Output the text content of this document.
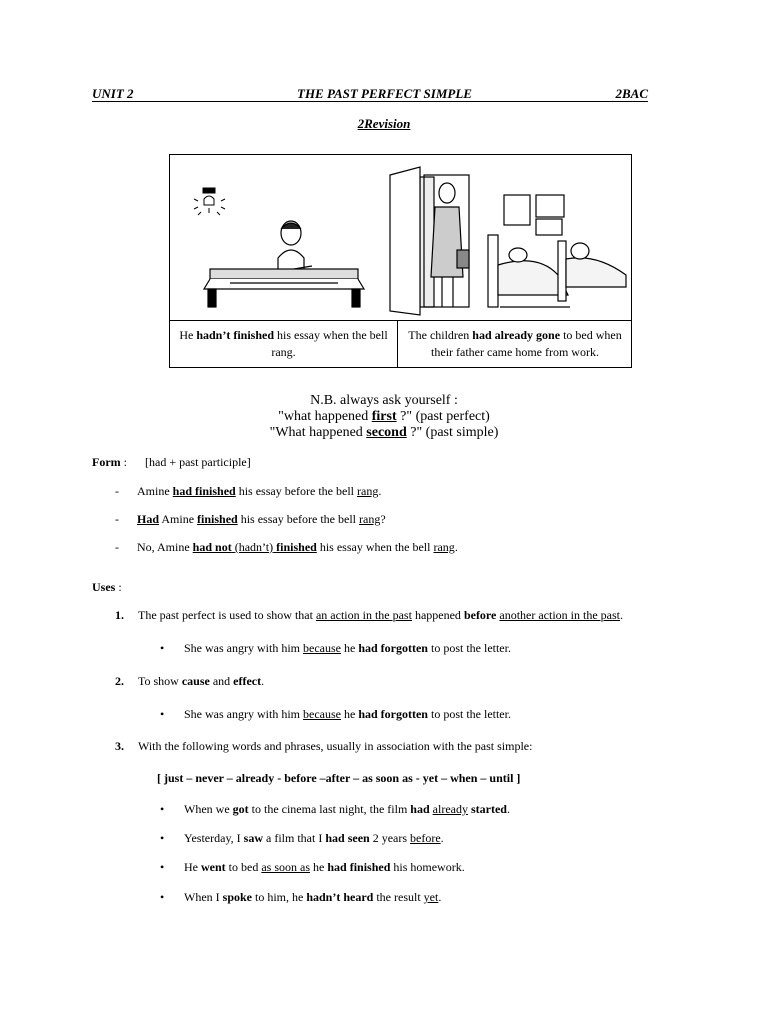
UNIT 2	THE PAST PERFECT SIMPLE	2BAC
2Revision
He hadn’t finished his essay when the bell rang.
The children had already gone to bed when their father came home from work.
N.B. always ask yourself :
"what happened first ?" (past perfect)
"What happened second ?" (past simple)
Form : [had + past participle]
- Amine had finished his essay before the bell rang.
- Had Amine finished his essay before the bell rang?
- No, Amine had not (hadn’t) finished his essay when the bell rang.
Uses :
1. The past perfect is used to show that an action in the past happened before another action in the past.
• She was angry with him because he had forgotten to post the letter.
2. To show cause and effect.
• She was angry with him because he had forgotten to post the letter.
3. With the following words and phrases, usually in association with the past simple:
[ just – never – already - before –after – as soon as - yet – when – until ]
• When we got to the cinema last night, the film had already started.
• Yesterday, I saw a film that I had seen 2 years before.
• He went to bed as soon as he had finished his homework.
• When I spoke to him, he hadn’t heard the result yet.
